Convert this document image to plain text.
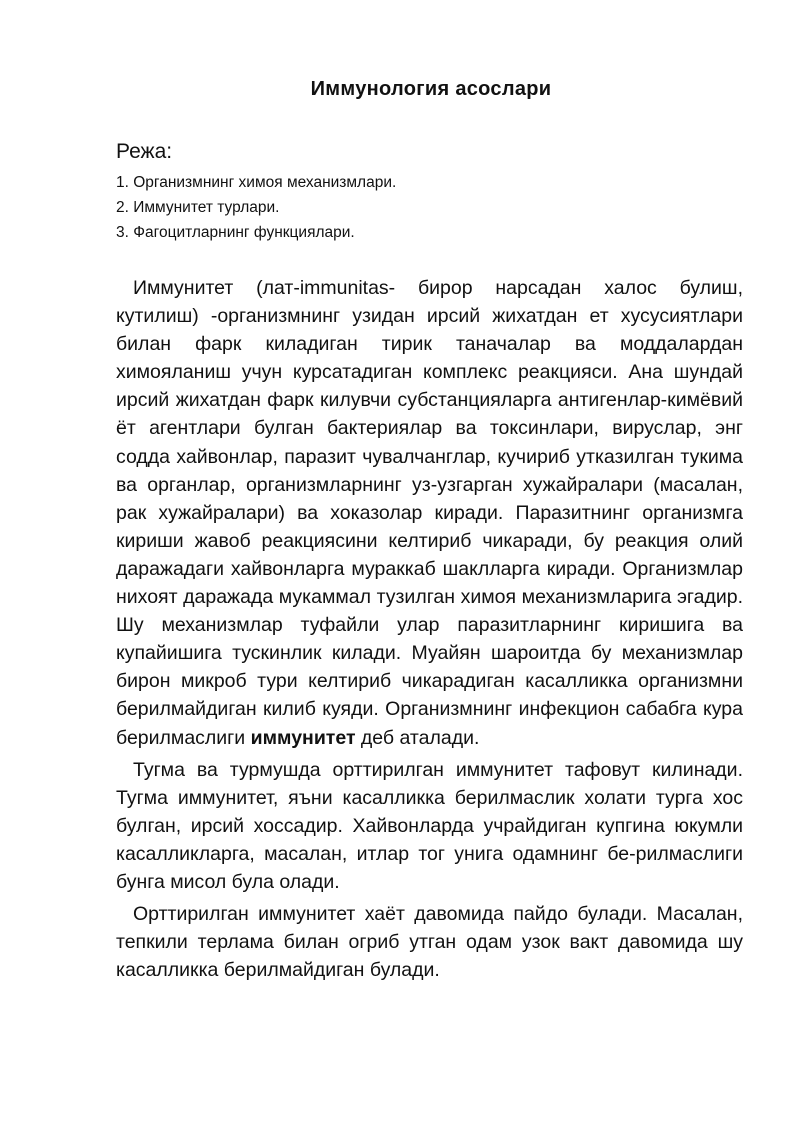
Иммунология асослари
Режа:
1. Организмнинг химоя механизмлари.
2. Иммунитет турлари.
3. Фагоцитларнинг функциялари.

Иммунитет (лат-immunitas- бирор нарсадан халос булиш, кутилиш) -организмнинг узидан ирсий жихатдан ет хусусиятлари билан фарк киладиган тирик таначалар ва моддалардан химояланиш учун курсатадиган комплекс реакцияси. Ана шундай ирсий жихатдан фарк килувчи субстанцияларга антигенлар-кимёвий ёт агентлари булган бактериялар ва токсинлари, вируслар, энг содда хайвонлар, паразит чувалчанглар, кучириб утказилган тукима ва органлар, организмларнинг уз-узгарган хужайралари (масалан, рак хужайралари) ва хоказолар киради. Паразитнинг организмга кириши жавоб реакциясини келтириб чикаради, бу реакция олий даражадаги хайвонларга мураккаб шаклларга киради. Организмлар нихоят даражада мукаммал тузилган химоя механизмларига эгадир. Шу механизмлар туфайли улар паразитларнинг киришига ва купайишига тускинлик килади. Муайян шароитда бу механизмлар бирон микроб тури келтириб чикарадиган касалликка организмни берилмайдиган килиб куяди. Организмнинг инфекцион сабабга кура берилмаслиги иммунитет деб аталади.

Тугма ва турмушда орттирилган иммунитет тафовут килинади. Тугма иммунитет, яъни касалликка берилмаслик холати турга хос булган, ирсий хоссадир. Хайвонларда учрайдиган купгина юкумли касалликларга, масалан, итлар тог унига одамнинг бе-рилмаслиги бунга мисол була олади.

Орттирилган иммунитет хаёт давомида пайдо булади. Масалан, тепкили терлама билан огриб утган одам узок вакт давомида шу касалликка берилмайдиган булади.
